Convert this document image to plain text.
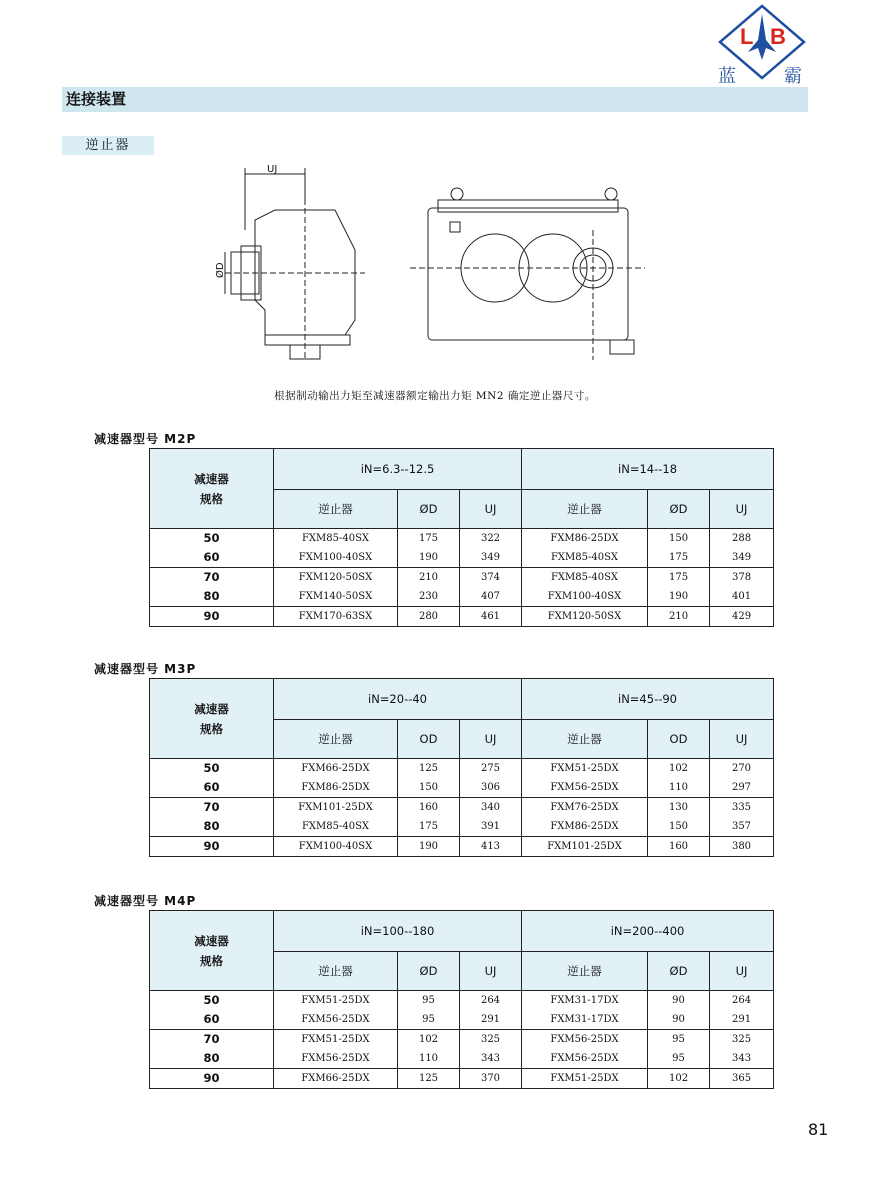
L B
蓝	霸
连接装置
逆止器
UJ
ØD
根据制动输出力矩至减速器额定输出力矩 MN2 确定逆止器尺寸。
减速器型号 M2P
减速器
规格	iN=6.3--12.5			iN=14--18		
	逆止器	ØD	UJ	逆止器	ØD	UJ
50	FXM85-40SX	175	322	FXM86-25DX	150	288
60	FXM100-40SX	190	349	FXM85-40SX	175	349
70	FXM120-50SX	210	374	FXM85-40SX	175	378
80	FXM140-50SX	230	407	FXM100-40SX	190	401
90	FXM170-63SX	280	461	FXM120-50SX	210	429
减速器型号 M3P
减速器
规格	iN=20--40			iN=45--90		
	逆止器	OD	UJ	逆止器	OD	UJ
50	FXM66-25DX	125	275	FXM51-25DX	102	270
60	FXM86-25DX	150	306	FXM56-25DX	110	297
70	FXM101-25DX	160	340	FXM76-25DX	130	335
80	FXM85-40SX	175	391	FXM86-25DX	150	357
90	FXM100-40SX	190	413	FXM101-25DX	160	380
减速器型号 M4P
减速器
规格	iN=100--180			iN=200--400		
	逆止器	ØD	UJ	逆止器	ØD	UJ
50	FXM51-25DX	95	264	FXM31-17DX	90	264
60	FXM56-25DX	95	291	FXM31-17DX	90	291
70	FXM51-25DX	102	325	FXM56-25DX	95	325
80	FXM56-25DX	110	343	FXM56-25DX	95	343
90	FXM66-25DX	125	370	FXM51-25DX	102	365
81
